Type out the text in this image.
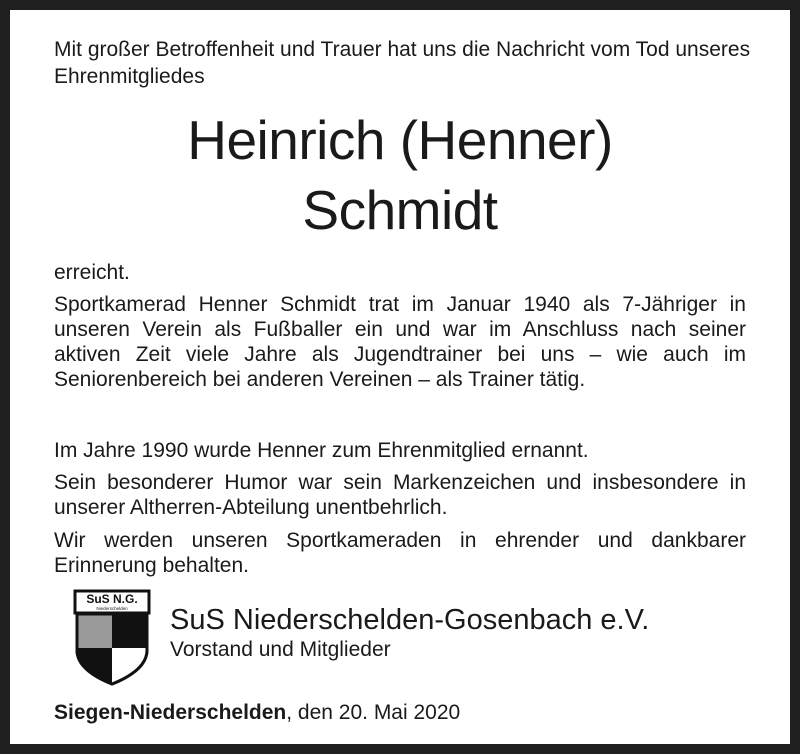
Mit großer Betroffenheit und Trauer hat uns die Nachricht vom Tod unseres Ehrenmitgliedes
Heinrich (Henner)
Schmidt
erreicht.
Sportkamerad Henner Schmidt trat im Januar 1940 als 7-Jähriger in unseren Verein als Fußballer ein und war im Anschluss nach seiner aktiven Zeit viele Jahre als Jugendtrainer bei uns – wie auch im Seniorenbereich bei anderen Vereinen – als Trainer tätig.
Im Jahre 1990 wurde Henner zum Ehrenmitglied ernannt.
Sein besonderer Humor war sein Markenzeichen und insbesondere in unserer Altherren-Abteilung unentbehrlich.
Wir werden unseren Sportkameraden in ehrender und dankbarer Erinnerung behalten.
SuS N.G.
Niederschelden SuS Niederschelden-Gosenbach e.V.
Vorstand und Mitglieder
Siegen-Niederschelden, den 20. Mai 2020
